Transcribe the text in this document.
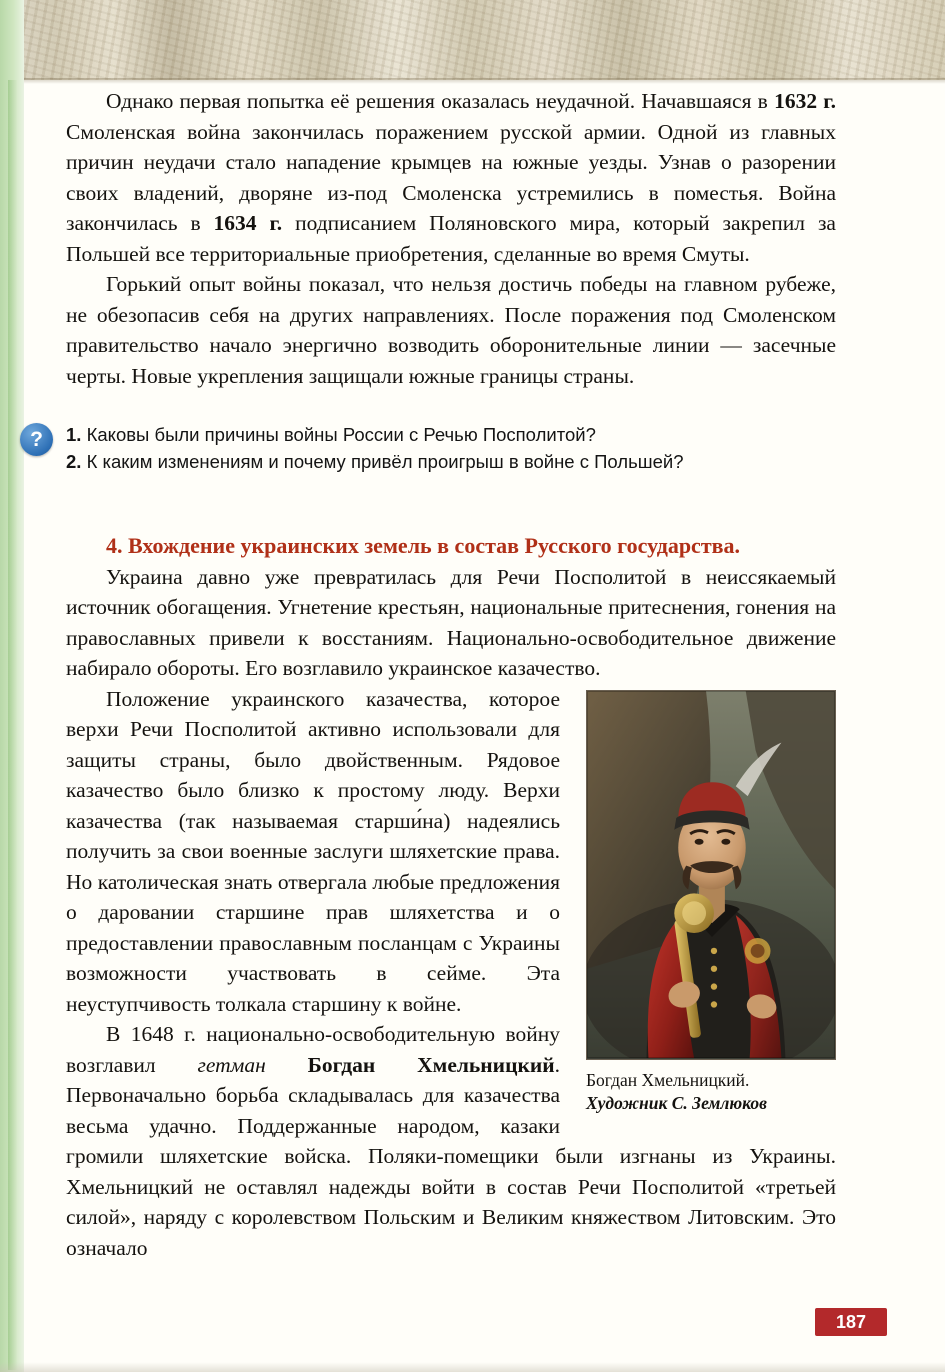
Однако первая попытка её решения оказалась неудачной. Начавшаяся в 1632 г. Смоленская война закончилась поражением русской армии. Одной из главных причин неудачи стало нападение крымцев на южные уезды. Узнав о разорении своих владений, дворяне из-под Смоленска устремились в поместья. Война закончилась в 1634 г. подписанием Поляновского мира, который закрепил за Польшей все территориальные приобретения, сделанные во время Смуты.

Горький опыт войны показал, что нельзя достичь победы на главном рубеже, не обезопасив себя на других направлениях. После поражения под Смоленском правительство начало энергично возводить оборонительные линии — засечные черты. Новые укрепления защищали южные границы страны.

?	1. Каковы были причины войны России с Речью Посполитой?

2. К каким изменениям и почему привёл проигрыш в войне с Польшей?

4. Вхождение украинских земель в состав Русского государства.

Украина давно уже превратилась для Речи Посполитой в неиссякаемый источник обогащения. Угнетение крестьян, национальные притеснения, гонения на православных привели к восстаниям. Национально-освободительное движение набирало обороты. Его возглавило украинское казачество.

Богдан Хмельницкий.
Художник С. Землюков

Положение украинского казачества, которое верхи Речи Посполитой активно использовали для защиты страны, было двойственным. Рядовое казачество было близко к простому люду. Верхи казачества (так называемая старши́на) надеялись получить за свои военные заслуги шляхетские права. Но католическая знать отвергала любые предложения о даровании старшине прав шляхетства и о предоставлении православным посланцам с Украины возможности участвовать в сейме. Эта неуступчивость толкала старшину к войне.

В 1648 г. национально-освободительную войну возглавил гетман Богдан Хмельницкий. Первоначально борьба складывалась для казачества весьма удачно. Поддержанные народом, казаки громили шляхетские войска. Поляки-помещики были изгнаны из Украины. Хмельницкий не оставлял надежды войти в состав Речи Посполитой «третьей силой», наряду с королевством Польским и Великим княжеством Литовским. Это означало

187
